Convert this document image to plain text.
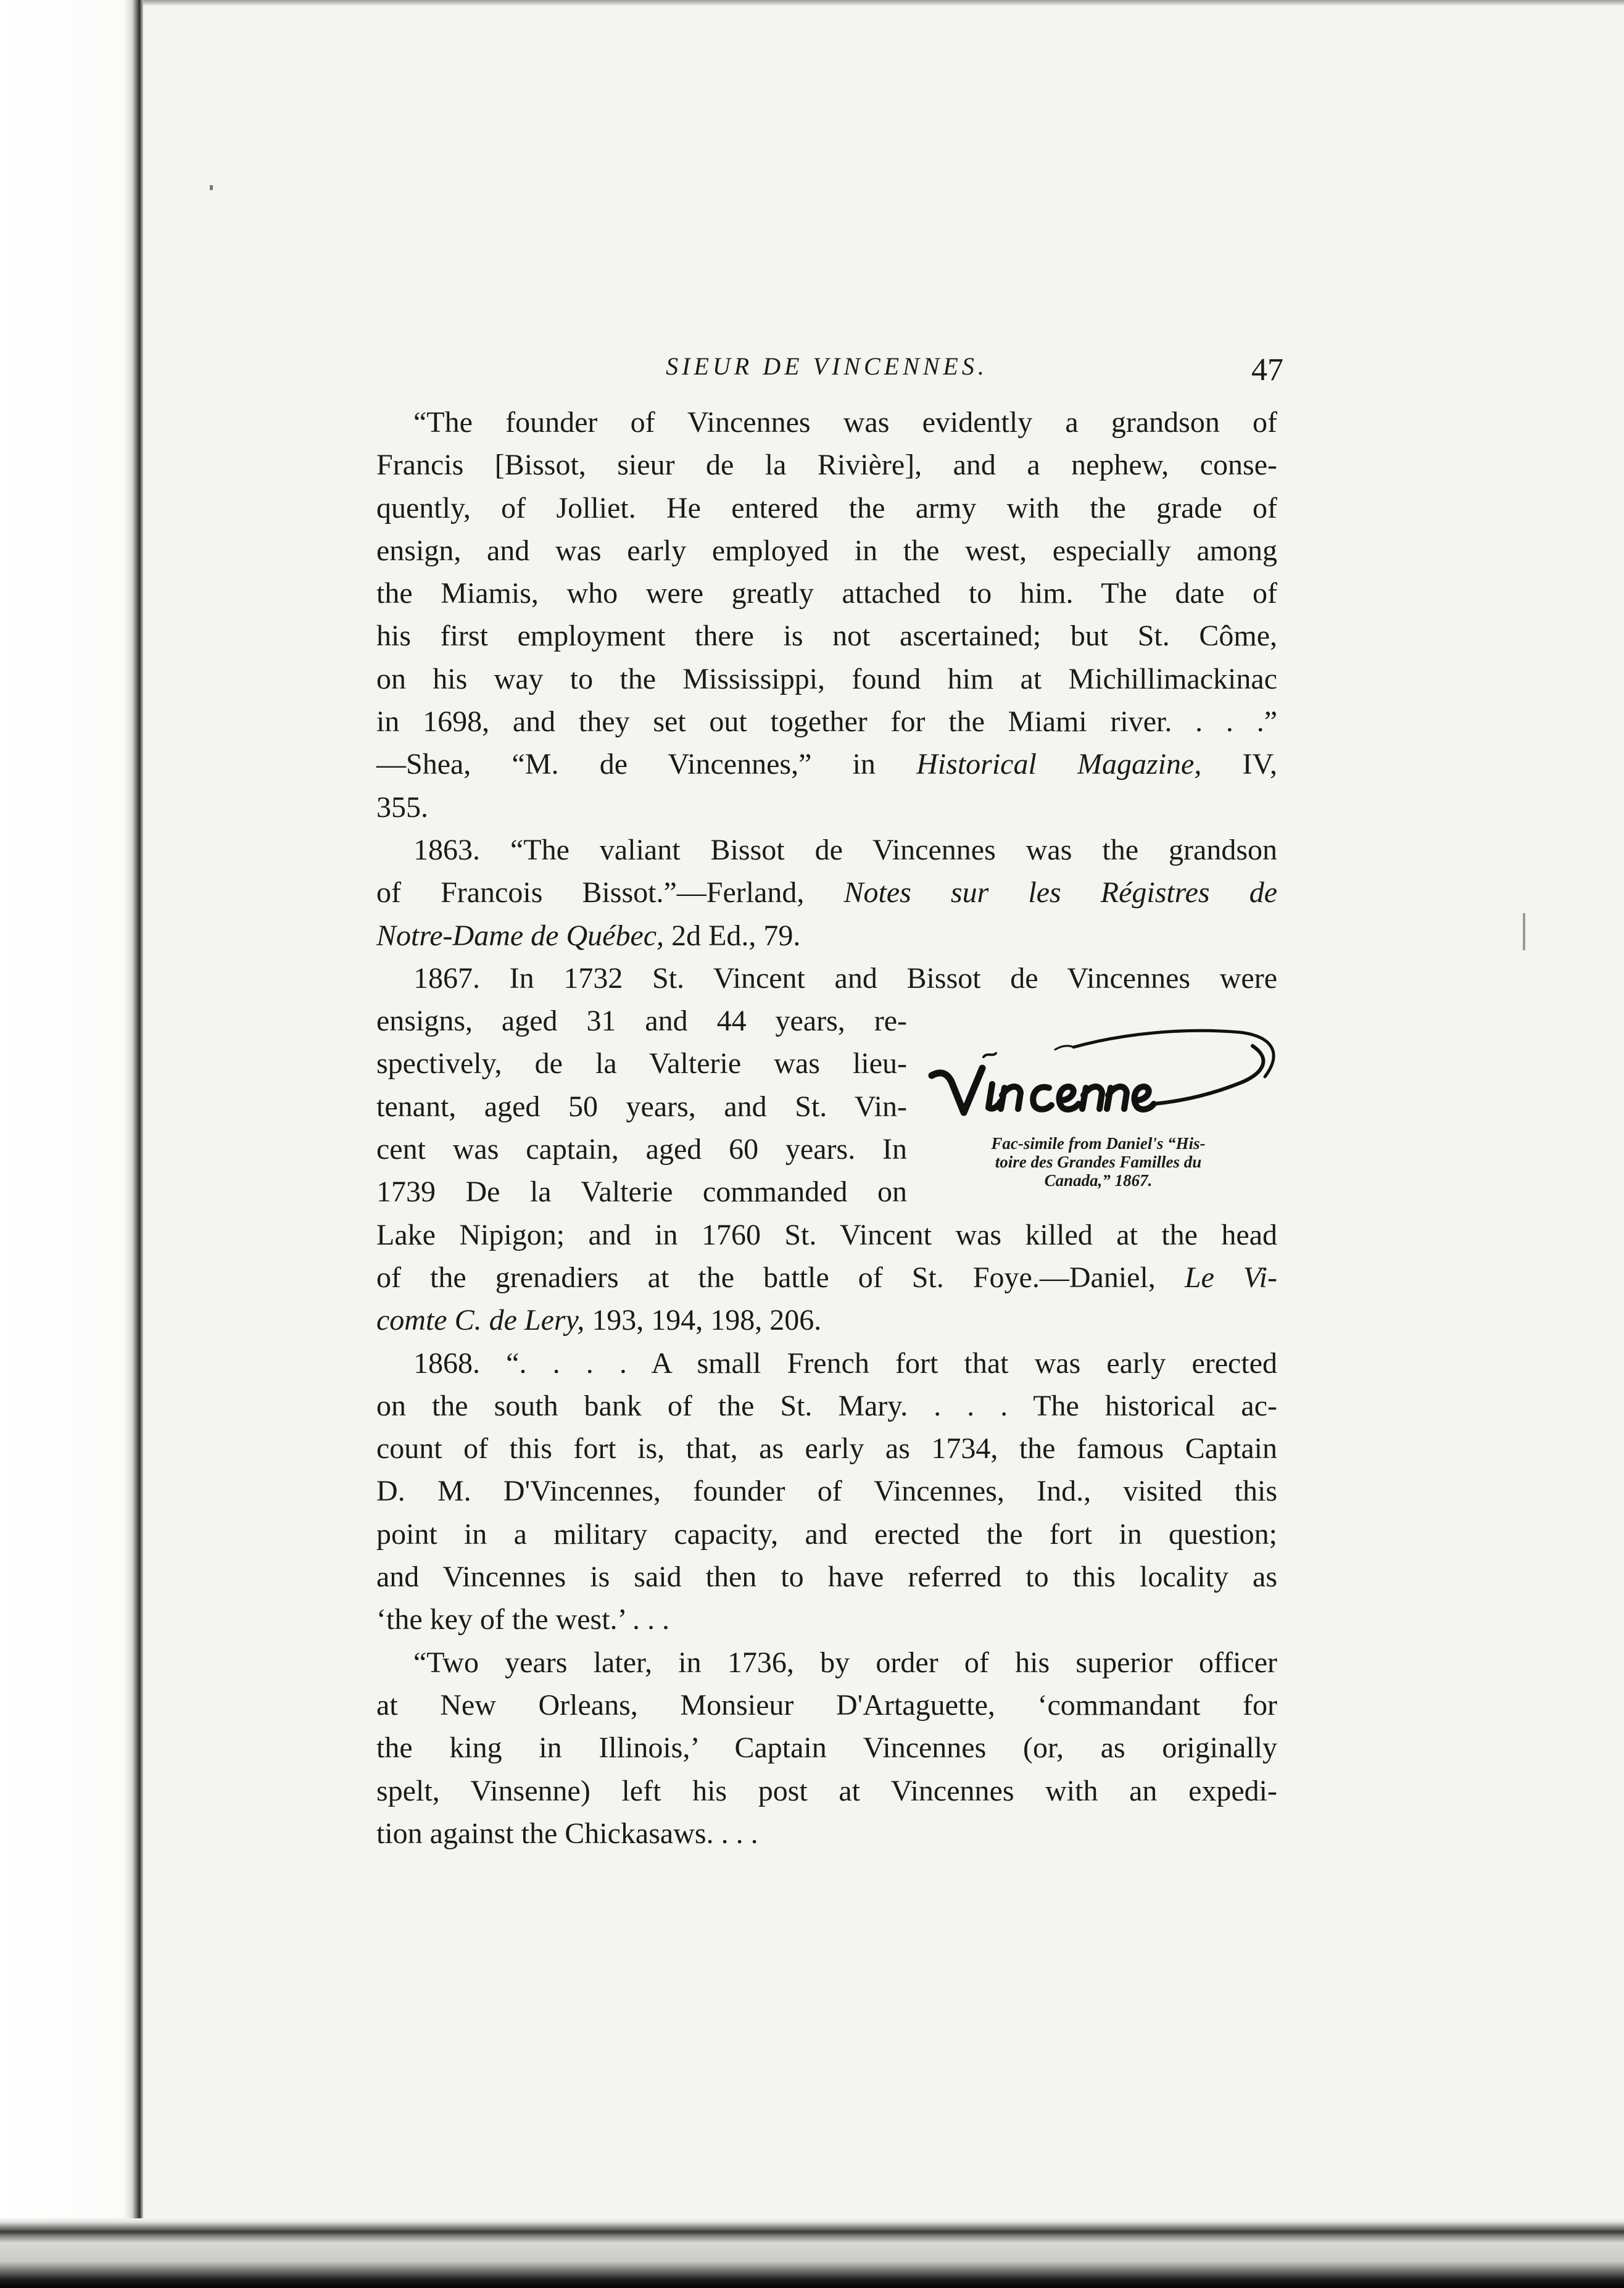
SIEUR DE VINCENNES.	47
“The founder of Vincennes was evidently a grandson of
Francis [Bissot, sieur de la Rivière], and a nephew, conse-
quently, of Jolliet. He entered the army with the grade of
ensign, and was early employed in the west, especially among
the Miamis, who were greatly attached to him. The date of
his first employment there is not ascertained; but St. Côme,
on his way to the Mississippi, found him at Michillimackinac
in 1698, and they set out together for the Miami river. . . .”
—Shea, “M. de Vincennes,” in Historical Magazine, IV,
355.
1863. “The valiant Bissot de Vincennes was the grandson
of Francois Bissot.”—Ferland, Notes sur les Régistres de
Notre-Dame de Québec, 2d Ed., 79.
1867. In 1732 St. Vincent and Bissot de Vincennes were
ensigns, aged 31 and 44 years, re-
spectively, de la Valterie was lieu-
tenant, aged 50 years, and St. Vin-
cent was captain, aged 60 years. In
1739 De la Valterie commanded on
Lake Nipigon; and in 1760 St. Vincent was killed at the head
of the grenadiers at the battle of St. Foye.—Daniel, Le Vi-
comte C. de Lery, 193, 194, 198, 206.
1868. “. . . . A small French fort that was early erected
on the south bank of the St. Mary. . . . The historical ac-
count of this fort is, that, as early as 1734, the famous Captain
D. M. D'Vincennes, founder of Vincennes, Ind., visited this
point in a military capacity, and erected the fort in question;
and Vincennes is said then to have referred to this locality as
‘the key of the west.’ . . .
“Two years later, in 1736, by order of his superior officer
at New Orleans, Monsieur D'Artaguette, ‘commandant for
the king in Illinois,’ Captain Vincennes (or, as originally
spelt, Vinsenne) left his post at Vincennes with an expedi-
tion against the Chickasaws. . . .
Fac-simile from Daniel's “His-
toire des Grandes Familles du
Canada,” 1867.
